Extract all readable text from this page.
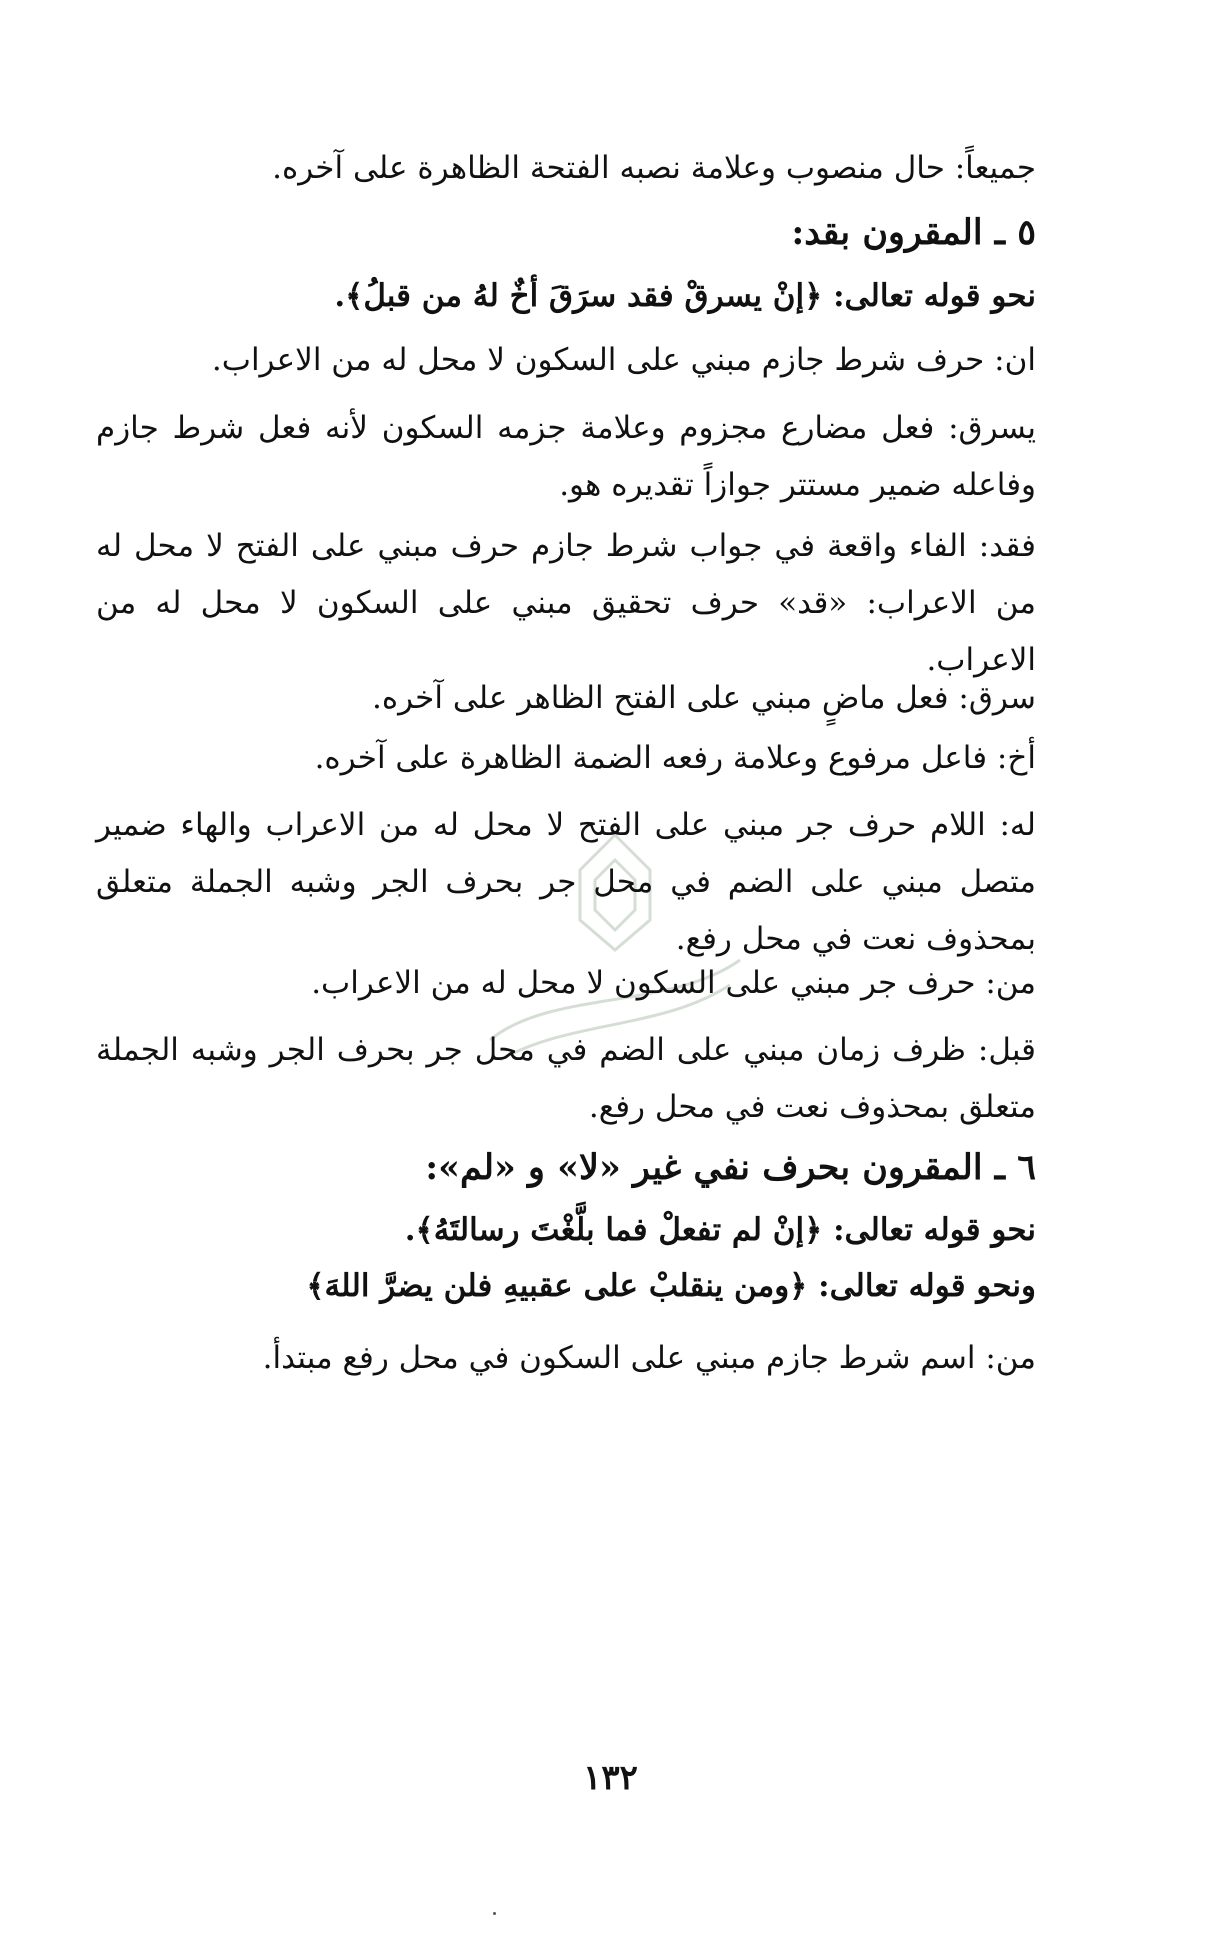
جميعاً: حال منصوب وعلامة نصبه الفتحة الظاهرة على آخره.
٥ ـ المقرون بقد:
نحو قوله تعالى: ﴿إنْ يسرقْ فقد سرَقَ أخٌ لهُ من قبلُ﴾.
ان: حرف شرط جازم مبني على السكون لا محل له من الاعراب.
يسرق: فعل مضارع مجزوم وعلامة جزمه السكون لأنه فعل شرط جازم وفاعله ضمير مستتر جوازاً تقديره هو.
فقد: الفاء واقعة في جواب شرط جازم حرف مبني على الفتح لا محل له من الاعراب: «قد» حرف تحقيق مبني على السكون لا محل له من الاعراب.
سرق: فعل ماضٍ مبني على الفتح الظاهر على آخره.
أخ: فاعل مرفوع وعلامة رفعه الضمة الظاهرة على آخره.
له: اللام حرف جر مبني على الفتح لا محل له من الاعراب والهاء ضمير متصل مبني على الضم في محل جر بحرف الجر وشبه الجملة متعلق بمحذوف نعت في محل رفع.
من: حرف جر مبني على السكون لا محل له من الاعراب.
قبل: ظرف زمان مبني على الضم في محل جر بحرف الجر وشبه الجملة متعلق بمحذوف نعت في محل رفع.
٦ ـ المقرون بحرف نفي غير «لا» و «لم»:
نحو قوله تعالى: ﴿إنْ لم تفعلْ فما بلَّغْتَ رسالتَهُ﴾.
ونحو قوله تعالى: ﴿ومن ينقلبْ على عقبيهِ فلن يضرَّ اللهَ﴾
من: اسم شرط جازم مبني على السكون في محل رفع مبتدأ.
١٣٢
